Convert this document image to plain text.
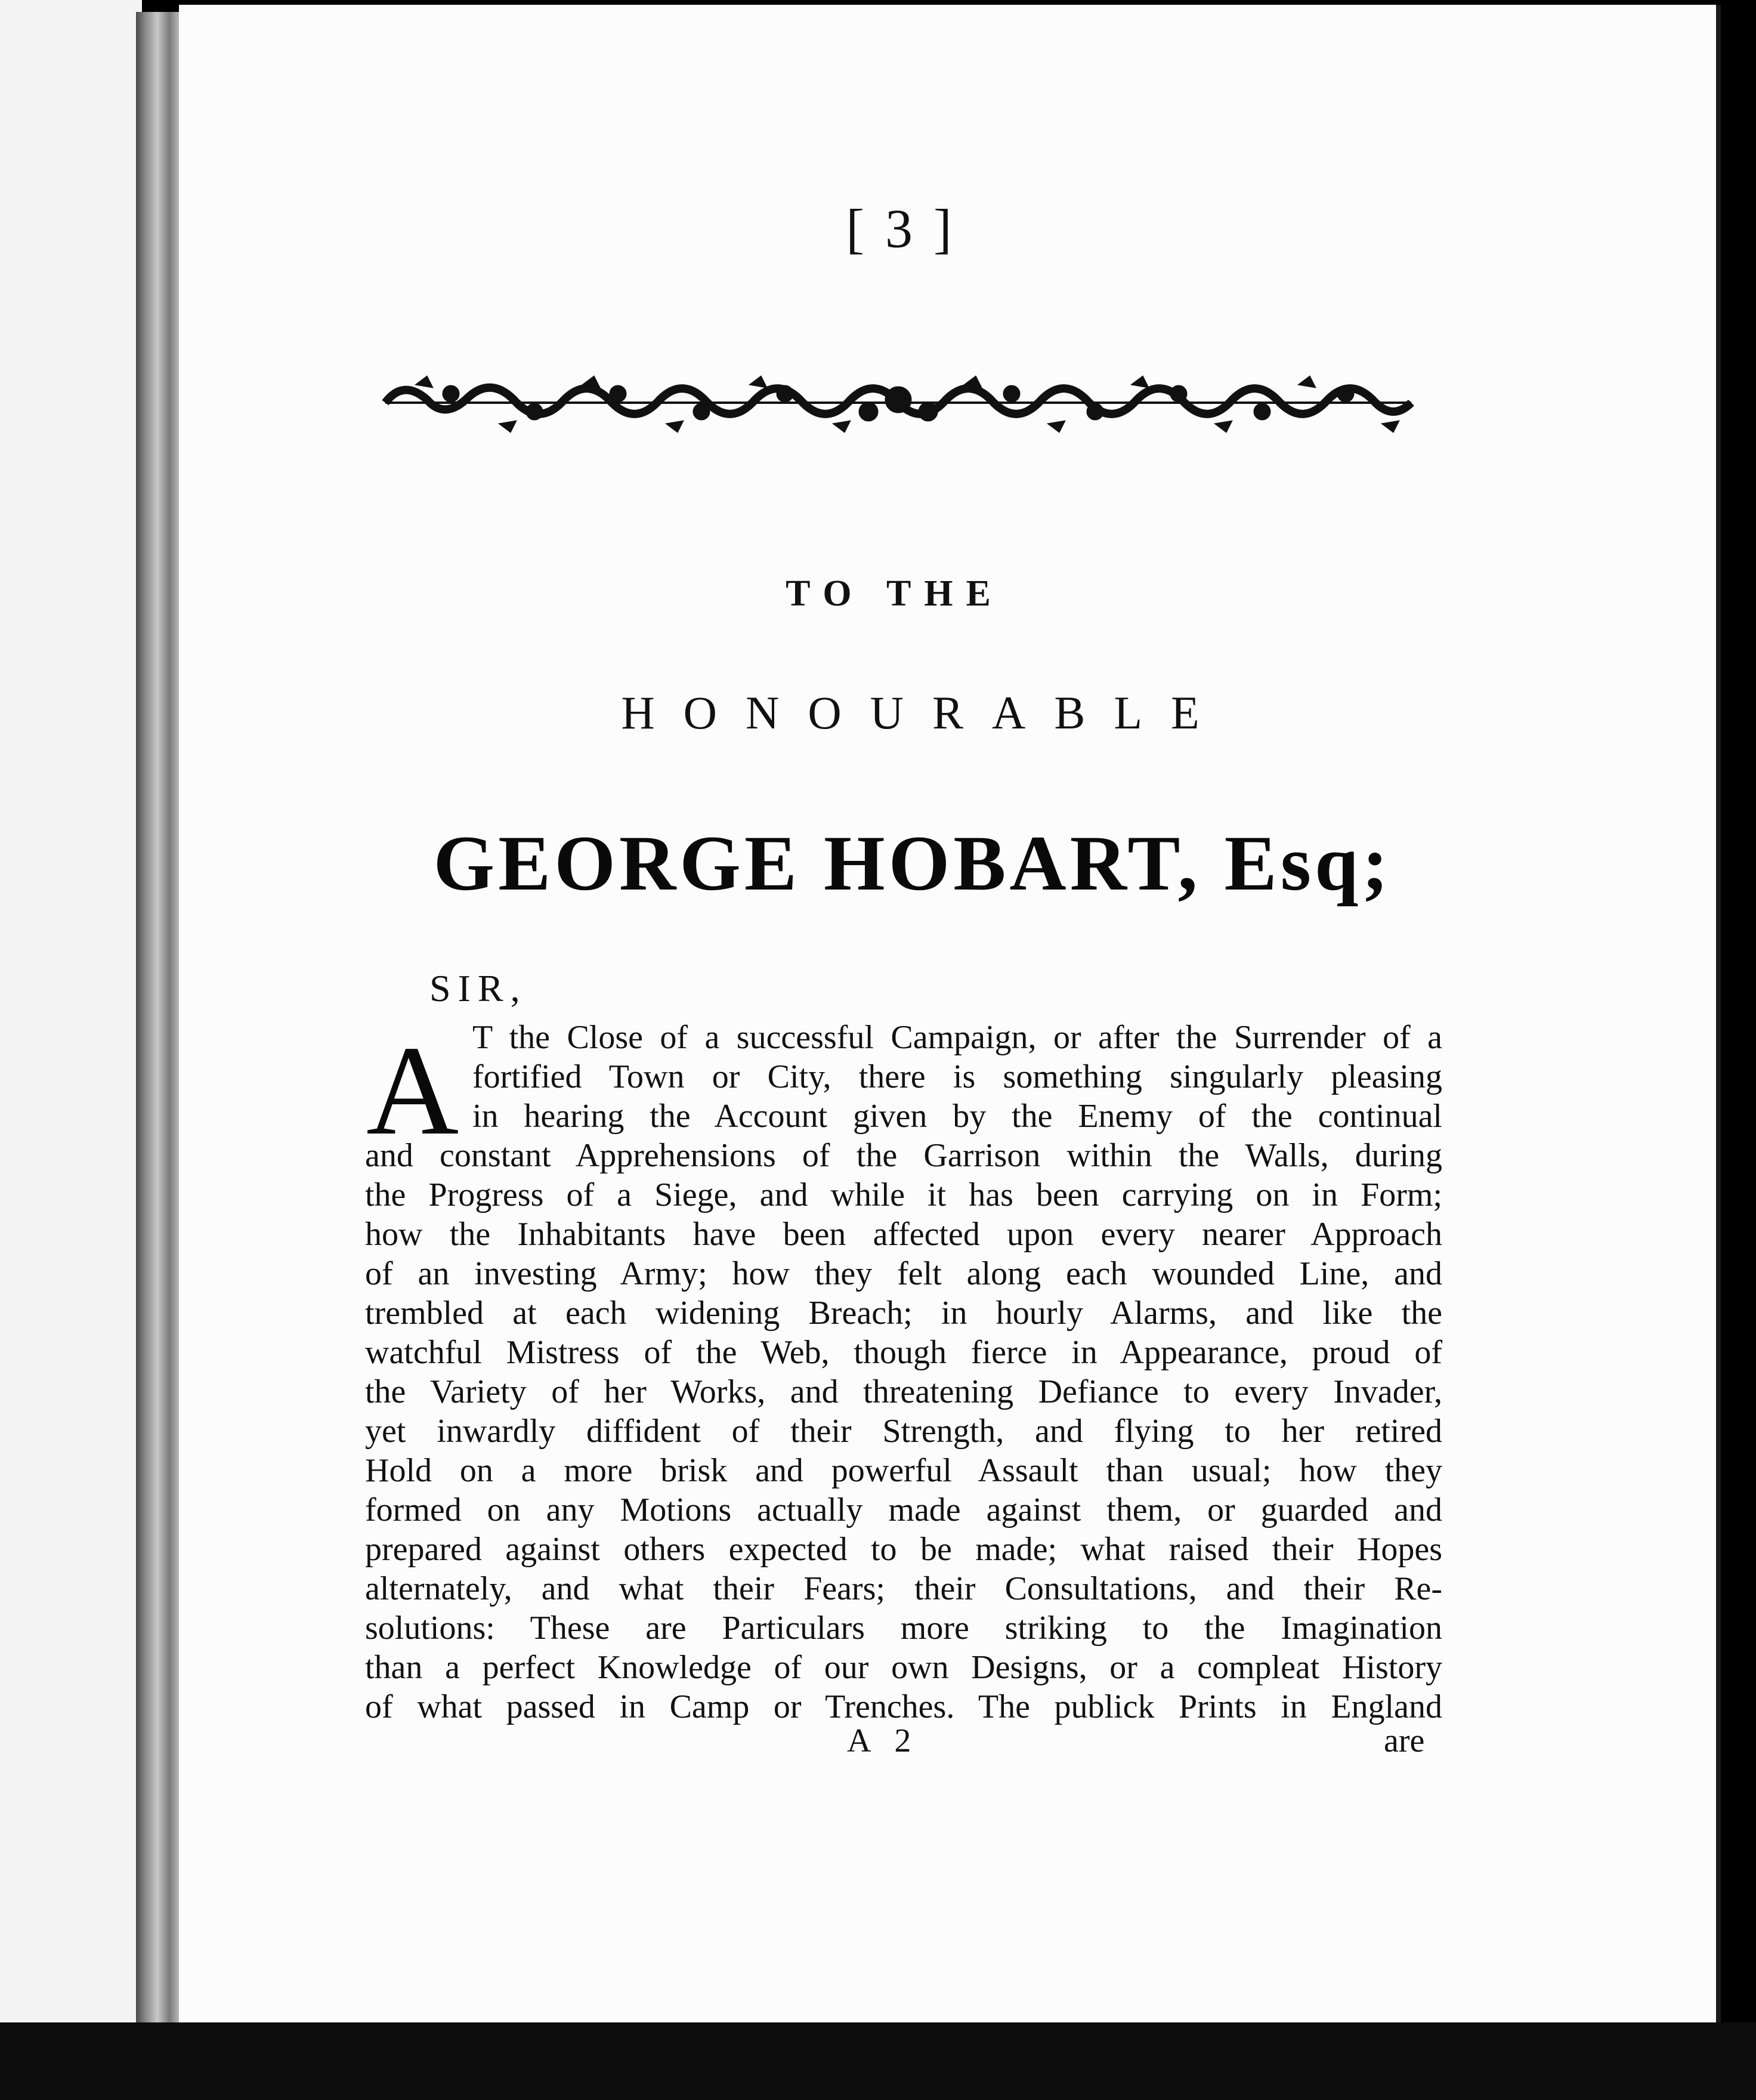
[ 3 ]
TO THE
HONOURABLE
GEORGE HOBART, Esq;
SIR,
A T the Close of a successful Campaign, or after the Surrender of a
fortified Town or City, there is something singularly pleasing
in hearing the Account given by the Enemy of the continual
and constant Apprehensions of the Garrison within the Walls, during
the Progress of a Siege, and while it has been carrying on in Form;
how the Inhabitants have been affected upon every nearer Approach
of an investing Army; how they felt along each wounded Line, and
trembled at each widening Breach; in hourly Alarms, and like the
watchful Mistress of the Web, though fierce in Appearance, proud of
the Variety of her Works, and threatening Defiance to every Invader,
yet inwardly diffident of their Strength, and flying to her retired
Hold on a more brisk and powerful Assault than usual; how they
formed on any Motions actually made against them, or guarded and
prepared against others expected to be made; what raised their Hopes
alternately, and what their Fears; their Consultations, and their Re-
solutions: These are Particulars more striking to the Imagination
than a perfect Knowledge of our own Designs, or a compleat History
of what passed in Camp or Trenches. The publick Prints in England
A 2	are
